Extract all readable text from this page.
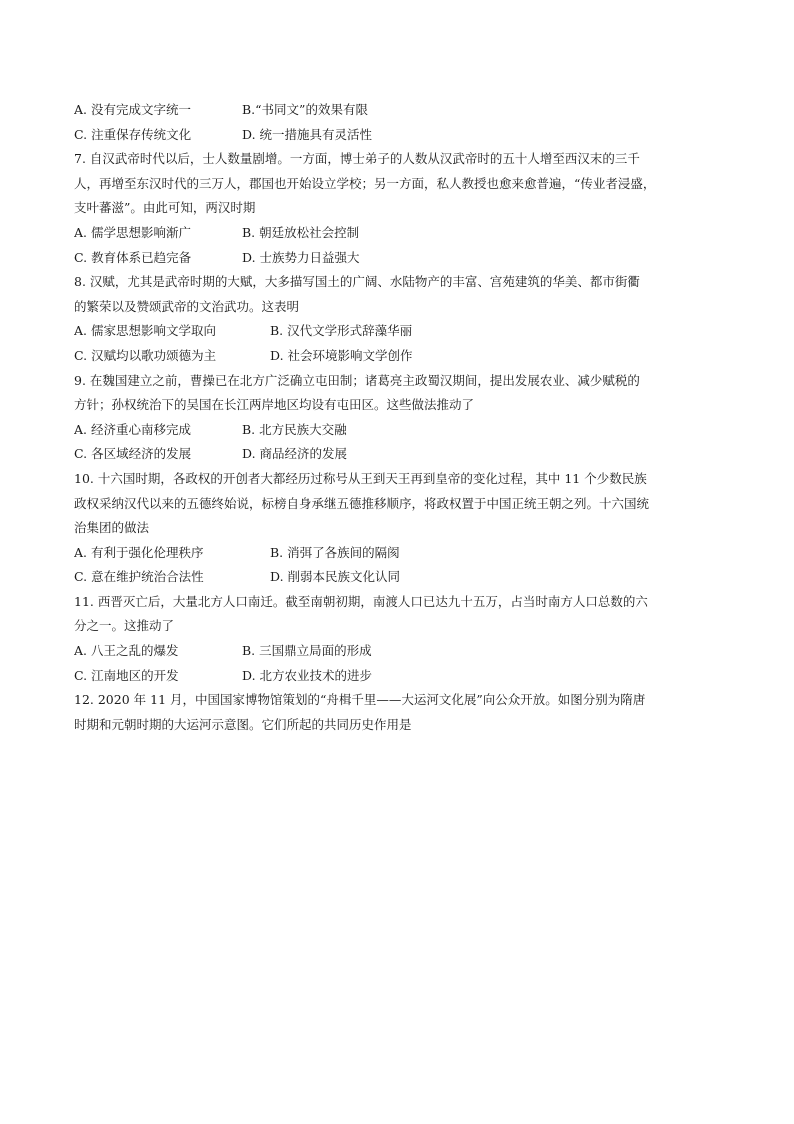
A. 没有完成文字统一	B.“书同文”的效果有限
C. 注重保存传统文化	D. 统一措施具有灵活性
7. 自汉武帝时代以后，士人数量剧增。一方面，博士弟子的人数从汉武帝时的五十人增至西汉末的三千
人，再增至东汉时代的三万人，郡国也开始设立学校；另一方面，私人教授也愈来愈普遍，“传业者浸盛，
支叶蕃滋”。由此可知，两汉时期
A. 儒学思想影响渐广	B. 朝廷放松社会控制
C. 教育体系已趋完备	D. 士族势力日益强大
8. 汉赋，尤其是武帝时期的大赋，大多描写国土的广阔、水陆物产的丰富、宫苑建筑的华美、都市街衢
的繁荣以及赞颂武帝的文治武功。这表明
A. 儒家思想影响文学取向	B. 汉代文学形式辞藻华丽
C. 汉赋均以歌功颂德为主	D. 社会环境影响文学创作
9. 在魏国建立之前，曹操已在北方广泛确立屯田制；诸葛亮主政蜀汉期间，提出发展农业、减少赋税的
方针；孙权统治下的吴国在长江两岸地区均设有屯田区。这些做法推动了
A. 经济重心南移完成	B. 北方民族大交融
C. 各区域经济的发展	D. 商品经济的发展
10. 十六国时期，各政权的开创者大都经历过称号从王到天王再到皇帝的变化过程，其中 11 个少数民族
政权采纳汉代以来的五德终始说，标榜自身承继五德推移顺序，将政权置于中国正统王朝之列。十六国统
治集团的做法
A. 有利于强化伦理秩序	B. 消弭了各族间的隔阂
C. 意在维护统治合法性	D. 削弱本民族文化认同
11. 西晋灭亡后，大量北方人口南迁。截至南朝初期，南渡人口已达九十五万，占当时南方人口总数的六
分之一。这推动了
A. 八王之乱的爆发	B. 三国鼎立局面的形成
C. 江南地区的开发	D. 北方农业技术的进步
12. 2020 年 11 月，中国国家博物馆策划的“舟楫千里——大运河文化展”向公众开放。如图分别为隋唐
时期和元朝时期的大运河示意图。它们所起的共同历史作用是
